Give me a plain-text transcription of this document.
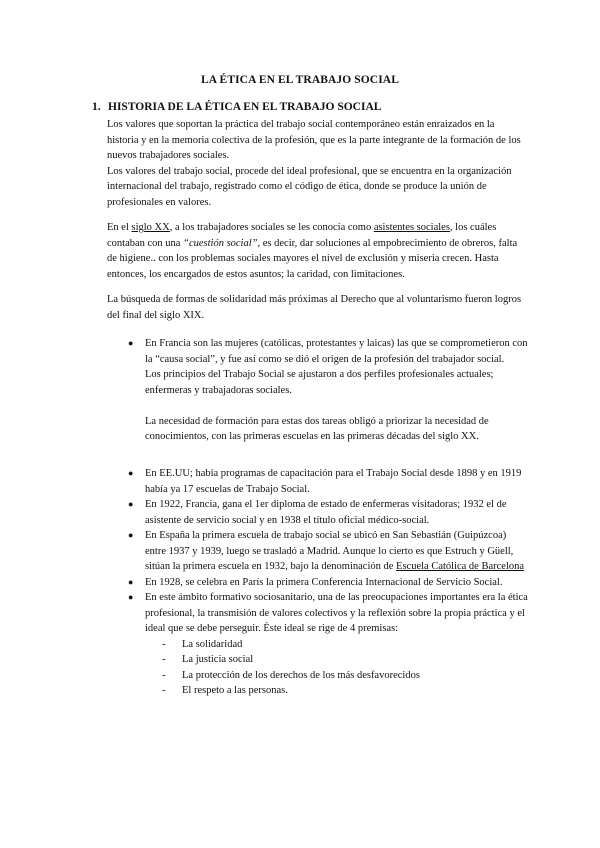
LA ÉTICA EN EL TRABAJO SOCIAL
1. HISTORIA DE LA ÉTICA EN EL TRABAJO SOCIAL

Los valores que soportan la práctica del trabajo social contemporáneo están enraizados en la historia y en la memoria colectiva de la profesión, que es la parte integrante de la formación de los nuevos trabajadores sociales.

Los valores del trabajo social, procede del ideal profesional, que se encuentra en la organización internacional del trabajo, registrado como el código de ética, donde se produce la unión de profesionales en valores.

En el siglo XX, a los trabajadores sociales se les conocía como asistentes sociales, los cuáles contaban con una “cuestión social”, es decir, dar soluciones al empobrecimiento de obreros, falta de higiene.. con los problemas sociales mayores el nivel de exclusión y miseria crecen. Hasta entonces, los encargados de estos asuntos; la caridad, con limitaciones.

La búsqueda de formas de solidaridad más próximas al Derecho que al voluntarismo fueron logros del final del siglo XIX.

● En Francia son las mujeres (católicas, protestantes y laicas) las que se comprometieron con la “causa social”, y fue así como se dió el origen de la profesión del trabajador social.

Los principios del Trabajo Social se ajustaron a dos perfiles profesionales actuales; enfermeras y trabajadoras sociales.

La necesidad de formación para estas dos tareas obligó a priorizar la necesidad de conocimientos, con las primeras escuelas en las primeras décadas del siglo XX.

● En EE.UU; había programas de capacitación para el Trabajo Social desde 1898 y en 1919 había ya 17 escuelas de Trabajo Social.

● En 1922, Francia, gana el 1er diploma de estado de enfermeras visitadoras; 1932 el de asistente de servicio social y en 1938 el título oficial médico-social.

● En España la primera escuela de trabajo social se ubicó en San Sebastián (Guipúzcoa) entre 1937 y 1939, luego se trasladó a Madrid. Aunque lo cierto es que Estruch y Güell, sitúan la primera escuela en 1932, bajo la denominación de Escuela Católica de Barcelona

● En 1928, se celebra en París la primera Conferencia Internacional de Servicio Social.

● En este ámbito formativo sociosanitario, una de las preocupaciones importantes era la ética profesional, la transmisión de valores colectivos y la reflexión sobre la propia práctica y el ideal que se debe perseguir. Éste ideal se rige de 4 premisas:

- La solidaridad
- La justicia social
- La protección de los derechos de los más desfavorecidos
- El respeto a las personas.
